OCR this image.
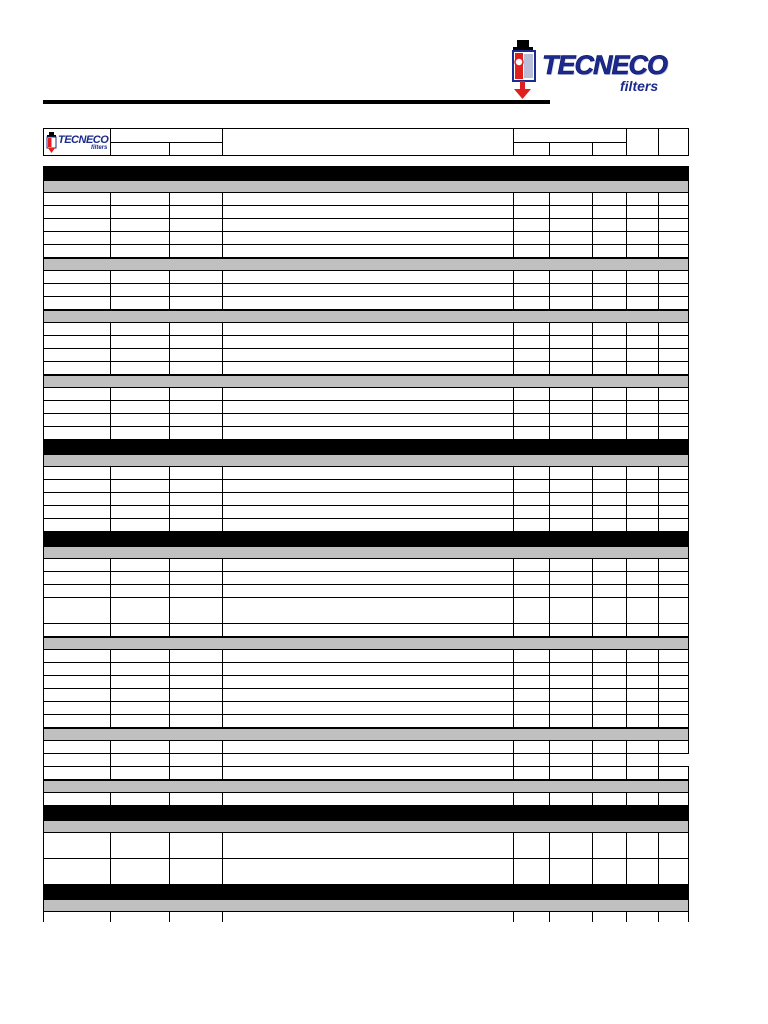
TECNECO
filters
TECNECO
filters
